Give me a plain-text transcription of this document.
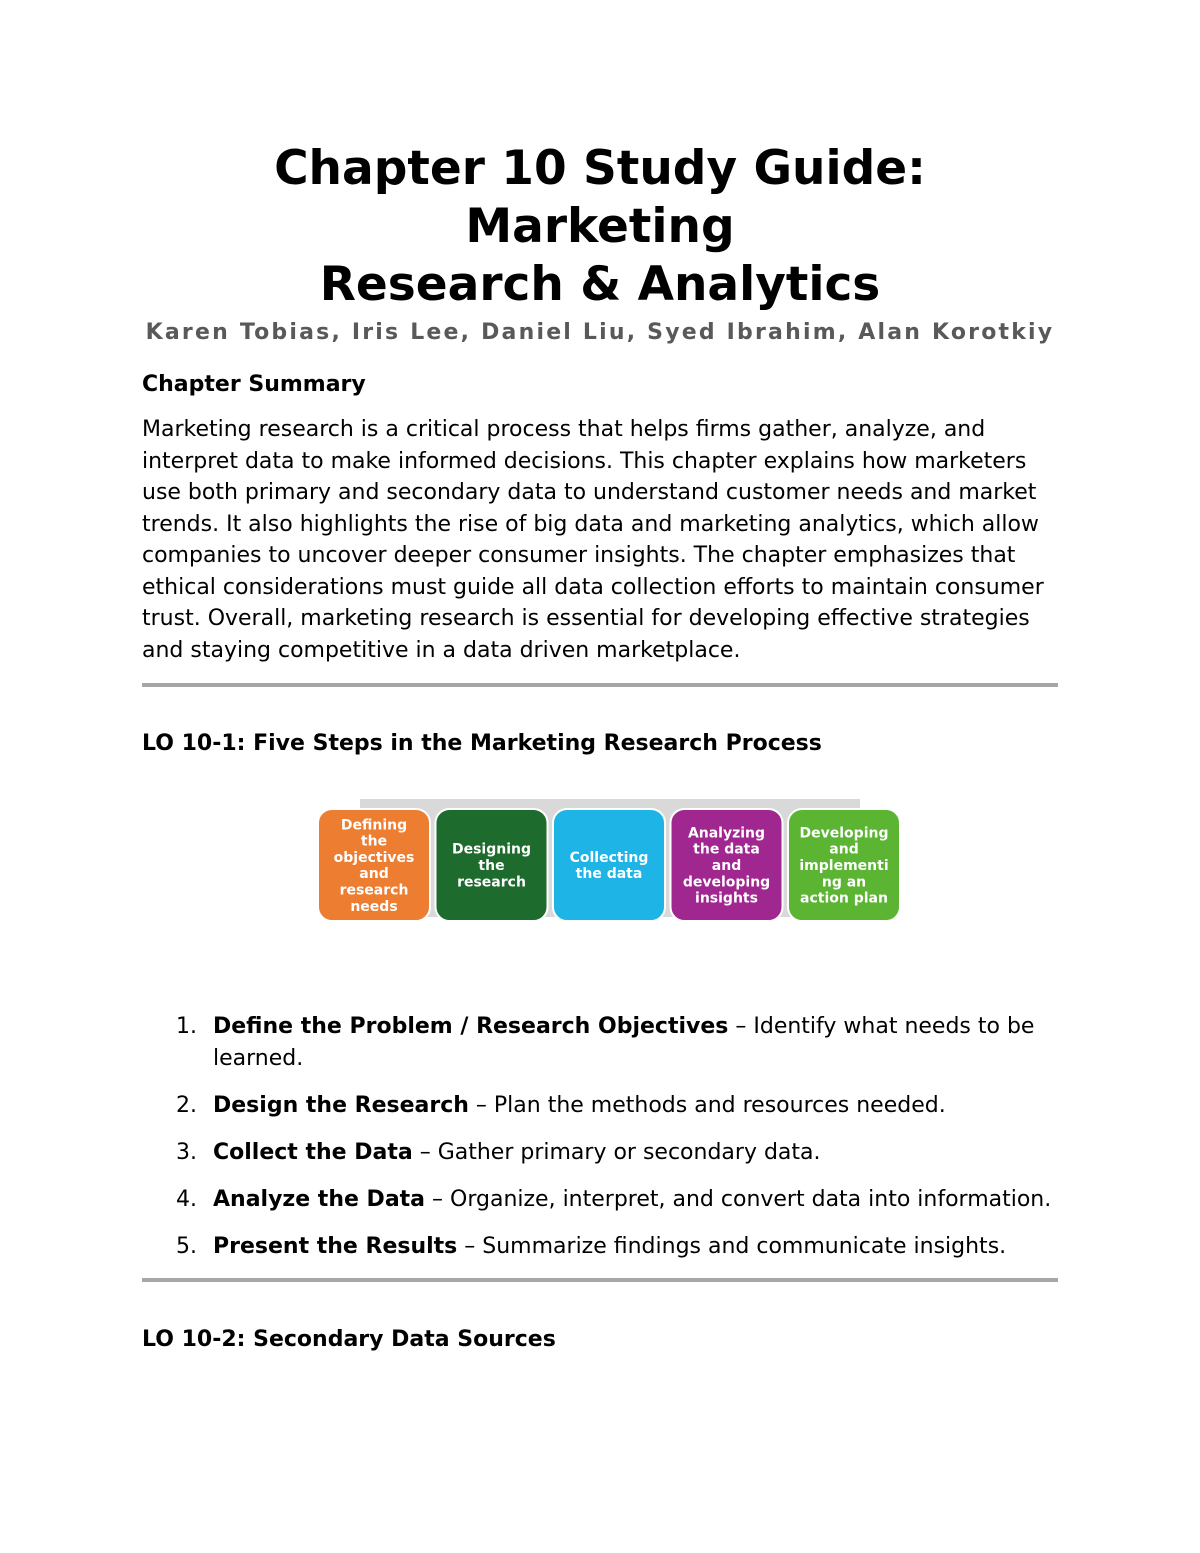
Chapter 10 Study Guide: Marketing
Research & Analytics

Karen Tobias, Iris Lee, Daniel Liu, Syed Ibrahim, Alan Korotkiy

Chapter Summary

Marketing research is a critical process that helps firms gather, analyze, and interpret data to make informed decisions. This chapter explains how marketers use both primary and secondary data to understand customer needs and market trends. It also highlights the rise of big data and marketing analytics, which allow companies to uncover deeper consumer insights. The chapter emphasizes that ethical considerations must guide all data collection efforts to maintain consumer trust. Overall, marketing research is essential for developing effective strategies and staying competitive in a data driven marketplace.

LO 10-1: Five Steps in the Marketing Research Process

Defining
the
objectives
and
research
needs
Designing
the
research
Collecting
the data
Analyzing
the data
and
developing
insights
Developing
and
implementi
ng an
action plan
1. Define the Problem / Research Objectives – Identify what needs to be learned.
2. Design the Research – Plan the methods and resources needed.
3. Collect the Data – Gather primary or secondary data.
4. Analyze the Data – Organize, interpret, and convert data into information.
5. Present the Results – Summarize findings and communicate insights.

LO 10-2: Secondary Data Sources
